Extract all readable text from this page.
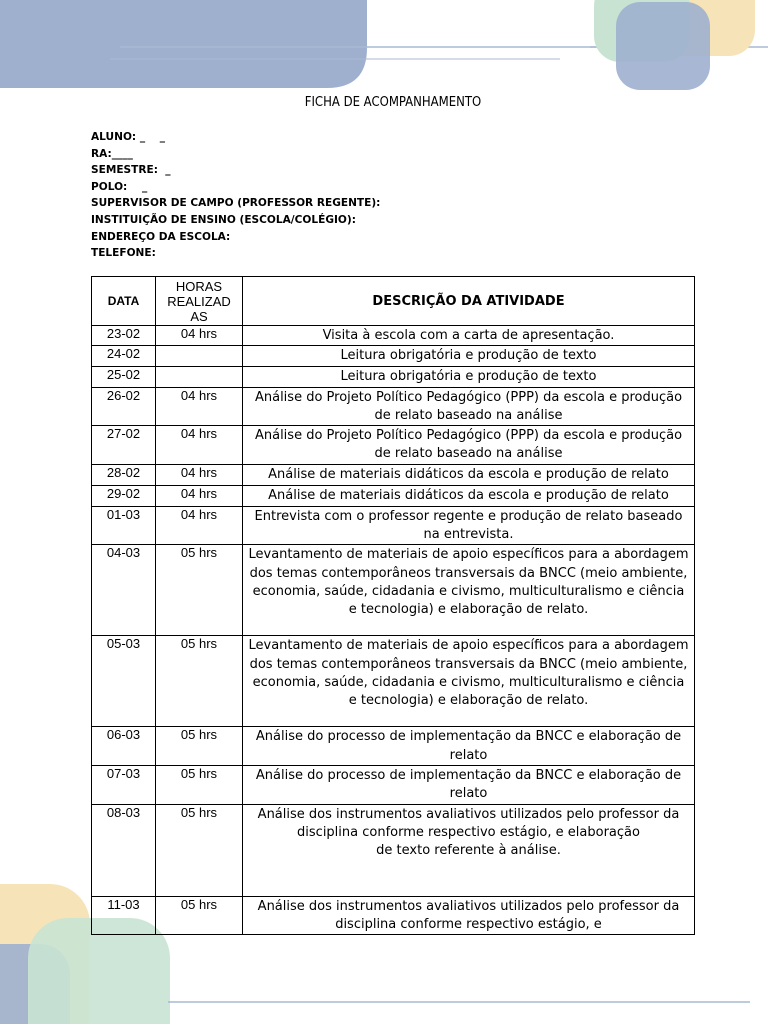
FICHA DE ACOMPANHAMENTO
ALUNO: _    _
RA:____
SEMESTRE:  _
POLO:    _
SUPERVISOR DE CAMPO (PROFESSOR REGENTE):
INSTITUIÇÃO DE ENSINO (ESCOLA/COLÉGIO):
ENDEREÇO DA ESCOLA:
TELEFONE:
DATA	HORAS REALIZAD AS	DESCRIÇÃO DA ATIVIDADE
23-02	04 hrs	Visita à escola com a carta de apresentação.

24-02		Leitura obrigatória e produção de texto

25-02		Leitura obrigatória e produção de texto

26-02	04 hrs	Análise do Projeto Político Pedagógico (PPP) da escola e produção de relato baseado na análise

27-02	04 hrs	Análise do Projeto Político Pedagógico (PPP) da escola e produção de relato baseado na análise

28-02	04 hrs	Análise de materiais didáticos da escola e produção de relato

29-02	04 hrs	Análise de materiais didáticos da escola e produção de relato

01-03	04 hrs	Entrevista com o professor regente e produção de relato baseado na entrevista.

04-03	05 hrs	Levantamento de materiais de apoio específicos para a abordagem dos temas contemporâneos transversais da BNCC (meio ambiente, economia, saúde, cidadania e civismo, multiculturalismo e ciência e tecnologia) e elaboração de relato.

05-03	05 hrs	Levantamento de materiais de apoio específicos para a abordagem dos temas contemporâneos transversais da BNCC (meio ambiente, economia, saúde, cidadania e civismo, multiculturalismo e ciência e tecnologia) e elaboração de relato.

06-03	05 hrs	Análise do processo de implementação da BNCC e elaboração de relato

07-03	05 hrs	Análise do processo de implementação da BNCC e elaboração de relato

08-03	05 hrs	Análise dos instrumentos avaliativos utilizados pelo professor da disciplina conforme respectivo estágio, e elaboração
de texto referente à análise.

11-03	05 hrs	Análise dos instrumentos avaliativos utilizados pelo professor da disciplina conforme respectivo estágio, e
